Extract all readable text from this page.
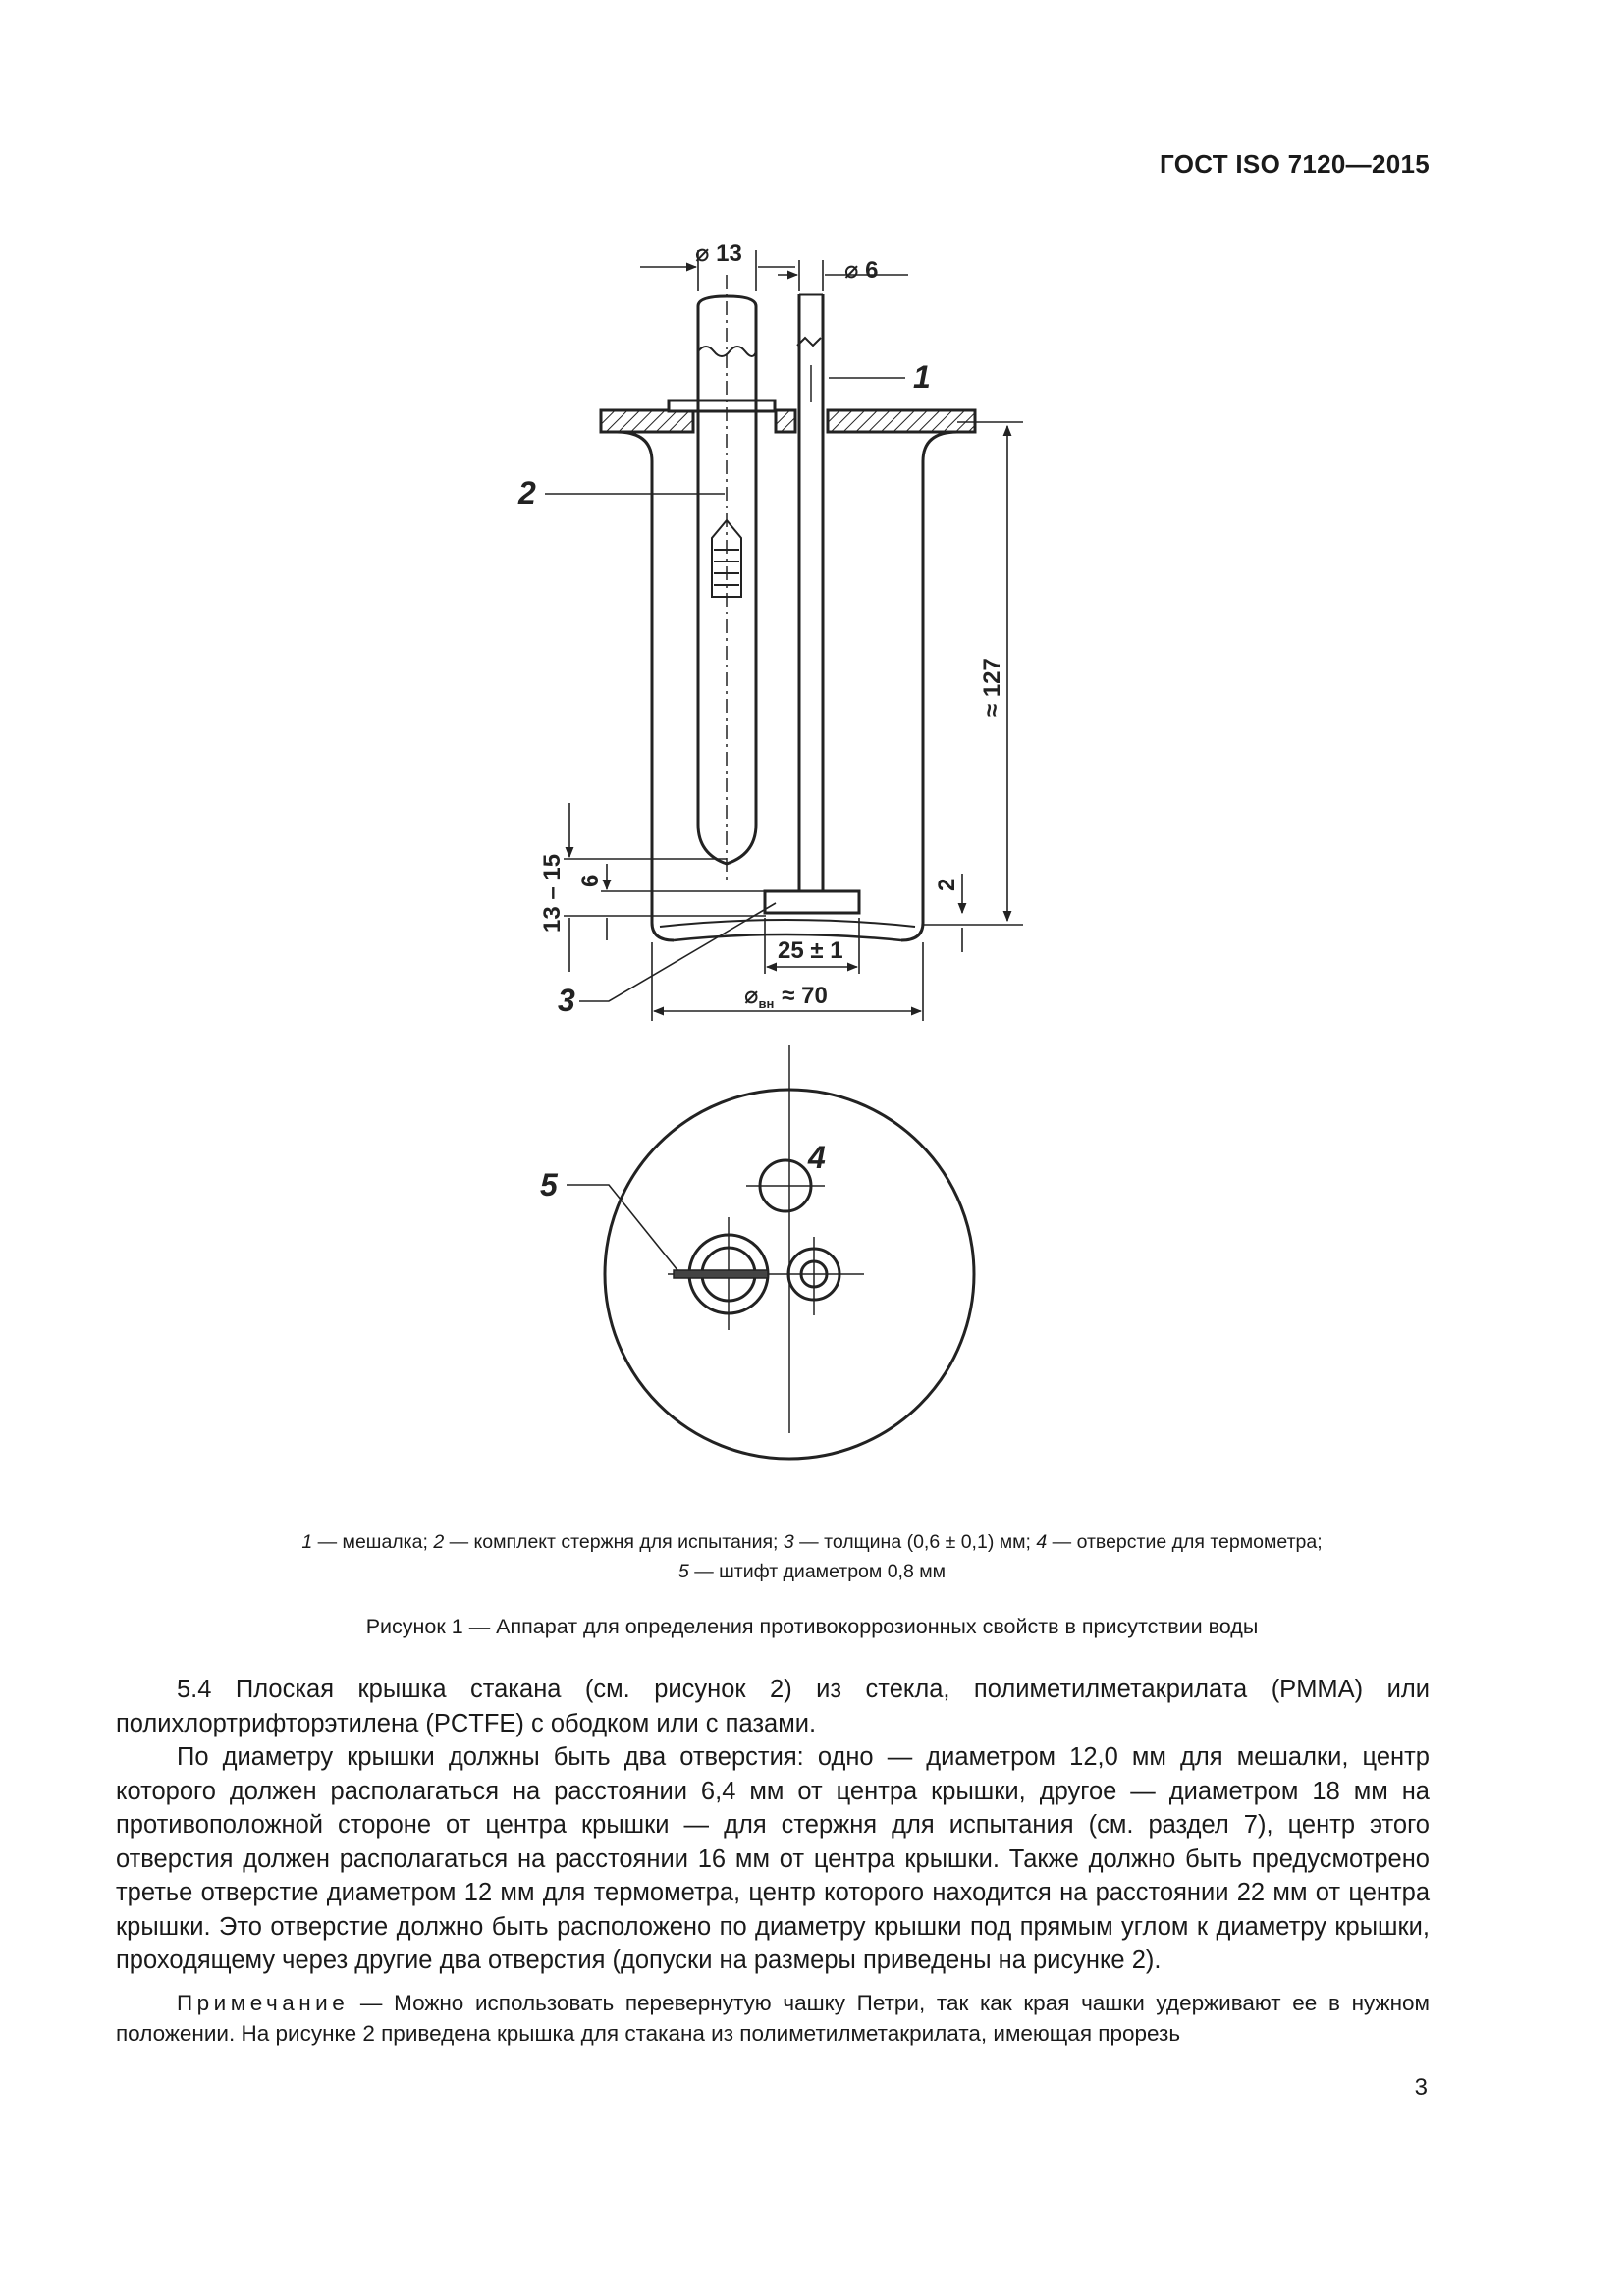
ГОСТ ISO 7120—2015
⌀ 13
⌀ 6
≈ 127
13 – 15 6	2
25 ± 1
$⌀_{вн} \approx 70$
1
2
3
4
5
1 — мешалка; 2 — комплект стержня для испытания; 3 — толщина (0,6 ± 0,1) мм; 4 — отверстие для термометра;
5 — штифт диаметром 0,8 мм
Рисунок 1 — Аппарат для определения противокоррозионных свойств в присутствии воды

5.4 Плоская крышка стакана (см. рисунок 2) из стекла, полиметилметакрилата (PMMA) или полихлортрифторэтилена (PCTFE) с ободком или с пазами.

По диаметру крышки должны быть два отверстия: одно — диаметром 12,0 мм для мешалки, центр которого должен располагаться на расстоянии 6,4 мм от центра крышки, другое — диаметром 18 мм на противоположной стороне от центра крышки — для стержня для испытания (см. раздел 7), центр этого отверстия должен располагаться на расстоянии 16 мм от центра крышки. Также должно быть предусмотрено третье отверстие диаметром 12 мм для термометра, центр которого находится на расстоянии 22 мм от центра крышки. Это отверстие должно быть расположено по диаметру крышки под прямым углом к диаметру крышки, проходящему через другие два отверстия (допуски на размеры приведены на рисунке 2).

Примечание — Можно использовать перевернутую чашку Петри, так как края чашки удерживают ее в нужном положении. На рисунке 2 приведена крышка для стакана из полиметилметакрилата, имеющая прорезь

3
